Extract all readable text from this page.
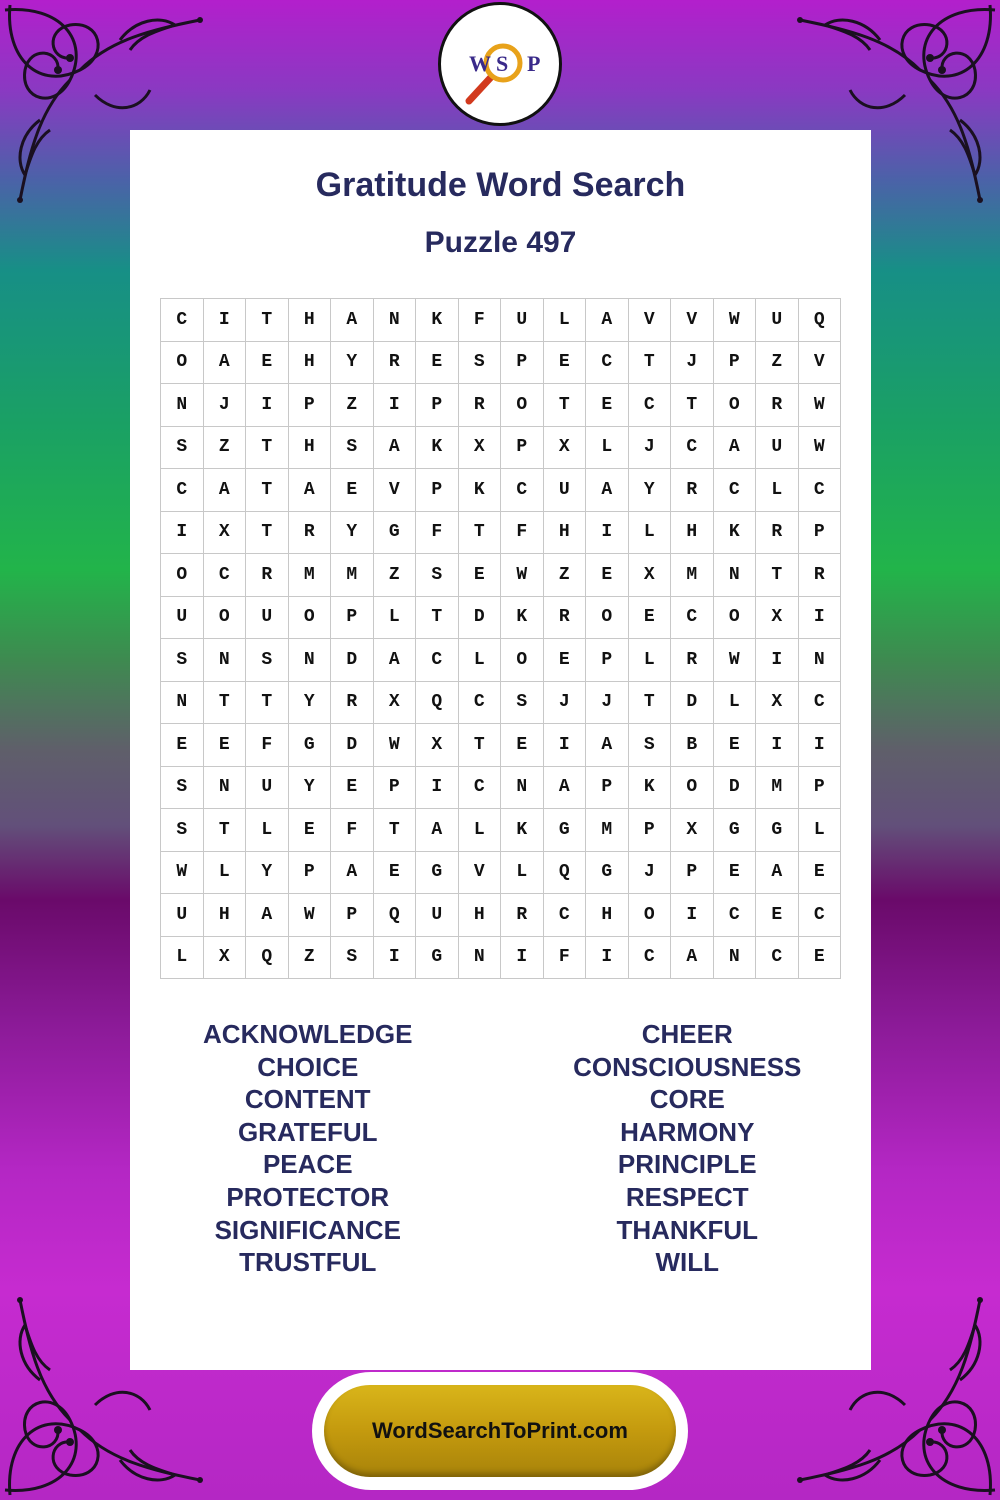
W S P
Gratitude Word Search
Puzzle 497
C	I	T	H	A	N	K	F	U	L	A	V	V	W	U	Q
O	A	E	H	Y	R	E	S	P	E	C	T	J	P	Z	V
N	J	I	P	Z	I	P	R	O	T	E	C	T	O	R	W
S	Z	T	H	S	A	K	X	P	X	L	J	C	A	U	W
C	A	T	A	E	V	P	K	C	U	A	Y	R	C	L	C
I	X	T	R	Y	G	F	T	F	H	I	L	H	K	R	P
O	C	R	M	M	Z	S	E	W	Z	E	X	M	N	T	R
U	O	U	O	P	L	T	D	K	R	O	E	C	O	X	I
S	N	S	N	D	A	C	L	O	E	P	L	R	W	I	N
N	T	T	Y	R	X	Q	C	S	J	J	T	D	L	X	C
E	E	F	G	D	W	X	T	E	I	A	S	B	E	I	I
S	N	U	Y	E	P	I	C	N	A	P	K	O	D	M	P
S	T	L	E	F	T	A	L	K	G	M	P	X	G	G	L
W	L	Y	P	A	E	G	V	L	Q	G	J	P	E	A	E
U	H	A	W	P	Q	U	H	R	C	H	O	I	C	E	C
L	X	Q	Z	S	I	G	N	I	F	I	C	A	N	C	E
ACKNOWLEDGE
CHOICE
CONTENT
GRATEFUL
PEACE
PROTECTOR
SIGNIFICANCE
TRUSTFUL
CHEER
CONSCIOUSNESS
CORE
HARMONY
PRINCIPLE
RESPECT
THANKFUL
WILL
WordSearchToPrint.com
